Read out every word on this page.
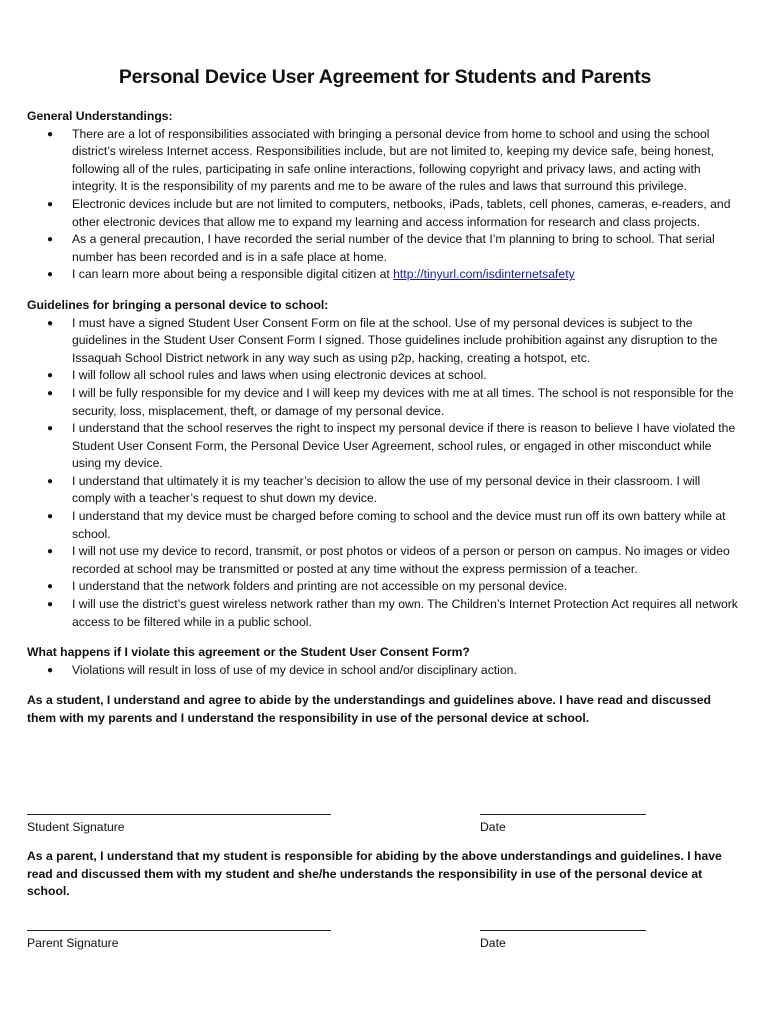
Personal Device User Agreement for Students and Parents

General Understandings:

● There are a lot of responsibilities associated with bringing a personal device from home to school and using the school district’s wireless Internet access. Responsibilities include, but are not limited to, keeping my device safe, being honest, following all of the rules, participating in safe online interactions, following copyright and privacy laws, and acting with integrity. It is the responsibility of my parents and me to be aware of the rules and laws that surround this privilege.
● Electronic devices include but are not limited to computers, netbooks, iPads, tablets, cell phones, cameras, e-readers, and other electronic devices that allow me to expand my learning and access information for research and class projects.
● As a general precaution, I have recorded the serial number of the device that I’m planning to bring to school. That serial number has been recorded and is in a safe place at home.
● I can learn more about being a responsible digital citizen at http://tinyurl.com/isdinternetsafety

Guidelines for bringing a personal device to school:

● I must have a signed Student User Consent Form on file at the school. Use of my personal devices is subject to the guidelines in the Student User Consent Form I signed. Those guidelines include prohibition against any disruption to the Issaquah School District network in any way such as using p2p, hacking, creating a hotspot, etc.
● I will follow all school rules and laws when using electronic devices at school.
● I will be fully responsible for my device and I will keep my devices with me at all times. The school is not responsible for the security, loss, misplacement, theft, or damage of my personal device.
● I understand that the school reserves the right to inspect my personal device if there is reason to believe I have violated the Student User Consent Form, the Personal Device User Agreement, school rules, or engaged in other misconduct while using my device.
● I understand that ultimately it is my teacher’s decision to allow the use of my personal device in their classroom. I will comply with a teacher’s request to shut down my device.
● I understand that my device must be charged before coming to school and the device must run off its own battery while at school.
● I will not use my device to record, transmit, or post photos or videos of a person or person on campus. No images or video recorded at school may be transmitted or posted at any time without the express permission of a teacher.
● I understand that the network folders and printing are not accessible on my personal device.
● I will use the district’s guest wireless network rather than my own. The Children’s Internet Protection Act requires all network access to be filtered while in a public school.

What happens if I violate this agreement or the Student User Consent Form?

● Violations will result in loss of use of my device in school and/or disciplinary action.

As a student, I understand and agree to abide by the understandings and guidelines above. I have read and discussed them with my parents and I understand the responsibility in use of the personal device at school.

Student Signature	Date
As a parent, I understand that my student is responsible for abiding by the above understandings and guidelines. I have read and discussed them with my student and she/he understands the responsibility in use of the personal device at school.
Parent Signature	Date
